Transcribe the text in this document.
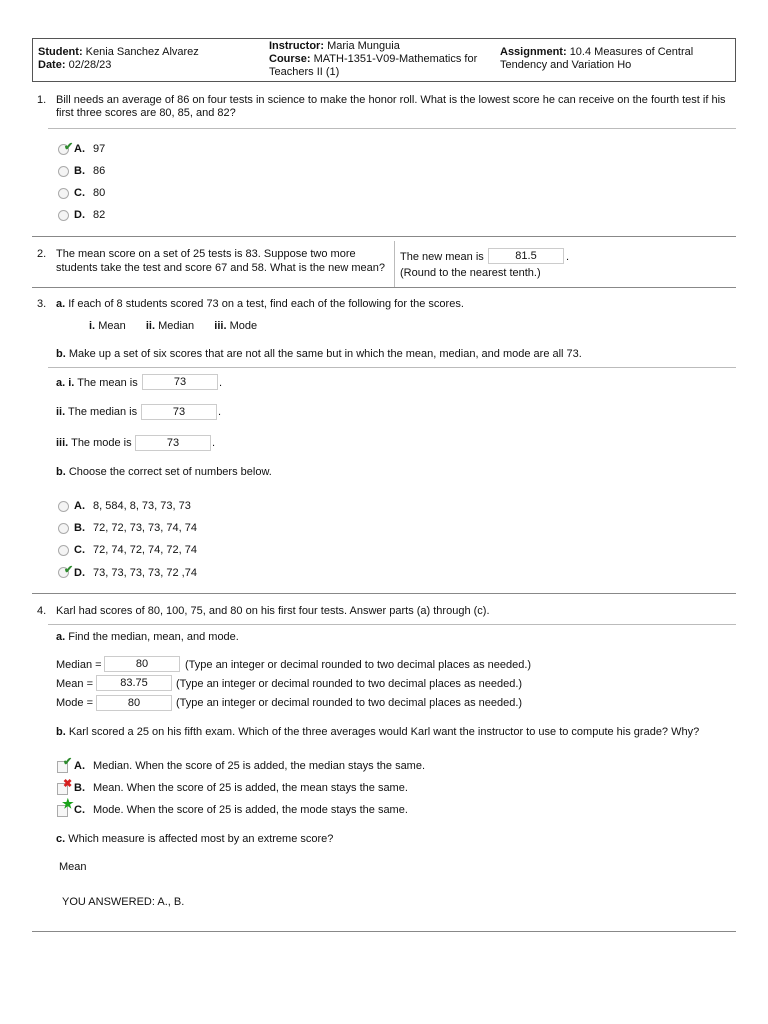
Student: Kenia Sanchez Alvarez
Date: 02/28/23
Instructor: Maria Munguia
Course: MATH-1351-V09-Mathematics for
Teachers II (1)
Assignment: 10.4 Measures of Central
Tendency and Variation Ho
1. Bill needs an average of 86 on four tests in science to make the honor roll. What is the lowest score he can receive on the fourth test if his
first three scores are 80, 85, and 82?
✔ A. 97
B. 86
C. 80
D. 82
2. The mean score on a set of 25 tests is 83. Suppose two more
students take the test and score 67 and 58. What is the new mean?
The new mean is	81.5	.
(Round to the nearest tenth.)
3. a. If each of 8 students scored 73 on a test, find each of the following for the scores.
i. Mean ii. Median iii. Mode
b. Make up a set of six scores that are not all the same but in which the mean, median, and mode are all 73.
a. i. The mean is	73	.
ii. The median is	73	.
iii. The mode is	73	.
b. Choose the correct set of numbers below.
A. 8, 584, 8, 73, 73, 73
B. 72, 72, 73, 73, 74, 74
C. 72, 74, 72, 74, 72, 74
✔ D. 73, 73, 73, 73, 72 ,74
4. Karl had scores of 80, 100, 75, and 80 on his first four tests. Answer parts (a) through (c).
a. Find the median, mean, and mode.
Median =	80	(Type an integer or decimal rounded to two decimal places as needed.)
Mean =	83.75	(Type an integer or decimal rounded to two decimal places as needed.)
Mode =	80	(Type an integer or decimal rounded to two decimal places as needed.)
b. Karl scored a 25 on his fifth exam. Which of the three averages would Karl want the instructor to use to compute his grade? Why?
✔ A. Median. When the score of 25 is added, the median stays the same.
✖ B. Mean. When the score of 25 is added, the mean stays the same.
★ C. Mode. When the score of 25 is added, the mode stays the same.
c. Which measure is affected most by an extreme score?
Mean
YOU ANSWERED: A., B.
